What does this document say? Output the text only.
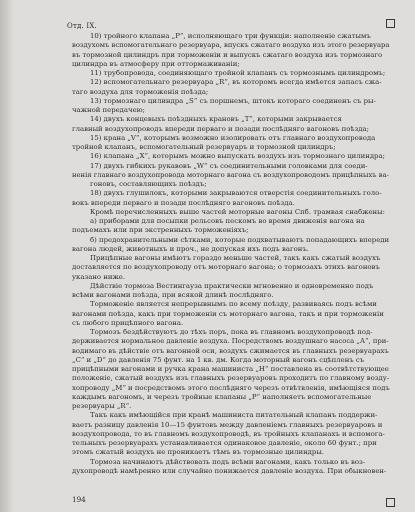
Отд. IX.

10) тройного клапана „Р“, исполняющаго три функціи: наполненіе сжатымъ

воздухомъ вспомогательнаго резервуара, впускъ сжатаго воздуха изъ этого резервуара

въ тормозной цилиндръ при торможеніи и выпускъ сжатаго воздуха изъ тормознаго

цилиндра въ атмосферу при оттормаживаніи;

11) трубопровода, соединяющаго тройной клапанъ съ тормознымъ цилиндромъ;

12) вспомогательнаго резервуара „R“, въ которомъ всегда имѣется запасъ сжа-

таго воздуха для торможенія поѣзда;

13) тормознаго цилиндра „S“ съ поршнемъ, штокъ котораго соединенъ съ ры-

чажной передачею;

14) двухъ концевыхъ поѣздныхъ крановъ „Т“, которыми закрывается

главный воздухопроводъ впереди перваго и позади послѣдняго вагоновъ поѣзда;

15) крана „V“, которымъ возможно изолировать отъ главнаго воздухопровода

тройной клапанъ, вспомогательный резервуаръ и тормозной цилиндръ;

16) клапана „Х“, которымъ можно выпускать воздухъ изъ тормознаго цилиндра;

17) двухъ гибкихъ рукавовъ „W“ съ соединительными головками для соеди-

ненія главнаго воздухопровода моторнаго вагона съ воздухопроводомъ прицѣпныхъ ва-

гоновъ, составляющихъ поѣздъ;

18) двухъ глушилокъ, которыми закрываются отверстія соединительныхъ голо-

вокъ впереди перваго и позади послѣдняго вагоновъ поѣзда.

Кромѣ перечисленныхъ выше частей моторные вагоны Спб. трамвая снабжены:

а) приборами для посыпки рельсовъ пескомъ во время движенія вагона на

подъемахъ или при экстренныхъ торможеніяхъ;

б) предохранительными сѣтками, которые подхватываютъ попадающихъ впереди

вагона людей, животныхъ и проч., не допуская ихъ подъ вагонъ.

Прицѣпные вагоны имѣютъ гораздо меньше частей, такъ какъ сжатый воздухъ

доставляется по воздухопроводу отъ моторнаго вагона; о тормозахъ этихъ вагоновъ

указано ниже.

Дѣйствіе тормоза Вестингауза практически мгновенно и одновременно подъ

всѣми вагонами поѣзда, при всякой длинѣ послѣдняго.

Торможеніе является непрерывнымъ по всему поѣзду, развиваясь подъ всѣми

вагонами поѣзда, какъ при торможеніи съ моторнаго вагона, такъ и при торможеніи

съ любого прицѣпного вагона.

Тормозъ бездѣйствуютъ до тѣхъ поръ, пока въ главномъ воздухопроводѣ под-

держивается нормальное давленіе воздуха. Посредствомъ воздушнаго насоса „А“, при-

водимаго въ дѣйствіе отъ вагонной оси, воздухъ сжимается въ главныхъ резервуарахъ

„С“ и „D“ до давленія 75 фунт. на 1 кв. дм. Когда моторный вагонъ сцѣпленъ съ

прицѣпными вагонами и ручка крана машиниста „Н“ поставлена въ соотвѣтствующее

положеніе, сжатый воздухъ изъ главныхъ резервуаровъ проходитъ по главному возду-

хопроводу „М“ и посредствомъ этого послѣдняго черезъ отвѣтвленія, имѣющіяся подъ

каждымъ вагономъ, и черезъ тройные клапаны „Р“ наполняетъ вспомогательные

резервуары „R“.

Такъ какъ имѣющійся при кранѣ машиниста питательный клапанъ поддержи-

ваетъ разницу давленія 10—15 фунтовъ между давленіемъ главныхъ резервуаровъ и

воздухопровода, то въ главномъ воздухопроводѣ, въ тройныхъ клапанахъ и вспомога-

тельныхъ резервуарахъ устанавливается одинаковое давленіе, около 60 фунт.; при

этомъ сжатый воздухъ не проникаетъ тѣмъ въ тормозные цилиндры.

Тормоза начинаютъ дѣйствовать подъ всѣми вагонами, какъ только въ воз-

духопроводѣ намѣренно или случайно понижается давленіе воздуха. При обыкновен-

194
